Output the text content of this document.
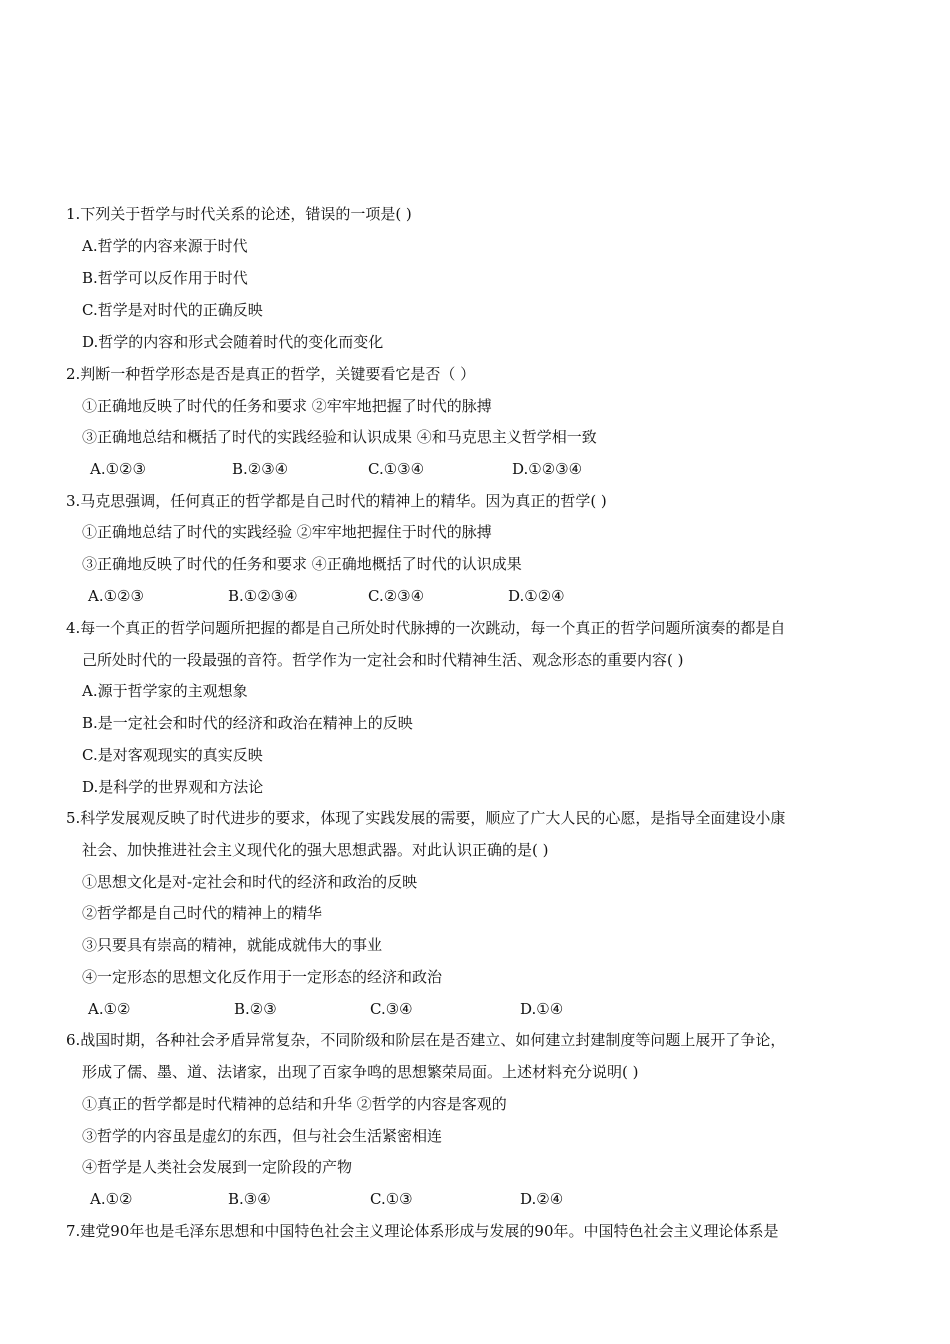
1.下列关于哲学与时代关系的论述，错误的一项是( )
A.哲学的内容来源于时代
B.哲学可以反作用于时代
C.哲学是对时代的正确反映
D.哲学的内容和形式会随着时代的变化而变化
2.判断一种哲学形态是否是真正的哲学，关键要看它是否（ ）
①正确地反映了时代的任务和要求 ②牢牢地把握了时代的脉搏
③正确地总结和概括了时代的实践经验和认识成果 ④和马克思主义哲学相一致
A.①②③	B.②③④	C.①③④	D.①②③④
3.马克思强调，任何真正的哲学都是自己时代的精神上的精华。因为真正的哲学( )
①正确地总结了时代的实践经验 ②牢牢地把握住于时代的脉搏
③正确地反映了时代的任务和要求 ④正确地概括了时代的认识成果
A.①②③	B.①②③④	C.②③④	D.①②④
4.每一个真正的哲学问题所把握的都是自己所处时代脉搏的一次跳动，每一个真正的哲学问题所演奏的都是自
己所处时代的一段最强的音符。哲学作为一定社会和时代精神生活、观念形态的重要内容( )
A.源于哲学家的主观想象
B.是一定社会和时代的经济和政治在精神上的反映
C.是对客观现实的真实反映
D.是科学的世界观和方法论
5.科学发展观反映了时代进步的要求，体现了实践发展的需要，顺应了广大人民的心愿，是指导全面建设小康
社会、加快推进社会主义现代化的强大思想武器。对此认识正确的是( )
①思想文化是对-定社会和时代的经济和政治的反映
②哲学都是自己时代的精神上的精华
③只要具有崇高的精神，就能成就伟大的事业
④一定形态的思想文化反作用于一定形态的经济和政治
A.①②	B.②③	C.③④	D.①④
6.战国时期，各种社会矛盾异常复杂，不同阶级和阶层在是否建立、如何建立封建制度等问题上展开了争论，
形成了儒、墨、道、法诸家，出现了百家争鸣的思想繁荣局面。上述材料充分说明( )
①真正的哲学都是时代精神的总结和升华 ②哲学的内容是客观的
③哲学的内容虽是虚幻的东西，但与社会生活紧密相连
④哲学是人类社会发展到一定阶段的产物
A.①②	B.③④	C.①③	D.②④
7.建党90年也是毛泽东思想和中国特色社会主义理论体系形成与发展的90年。中国特色社会主义理论体系是
